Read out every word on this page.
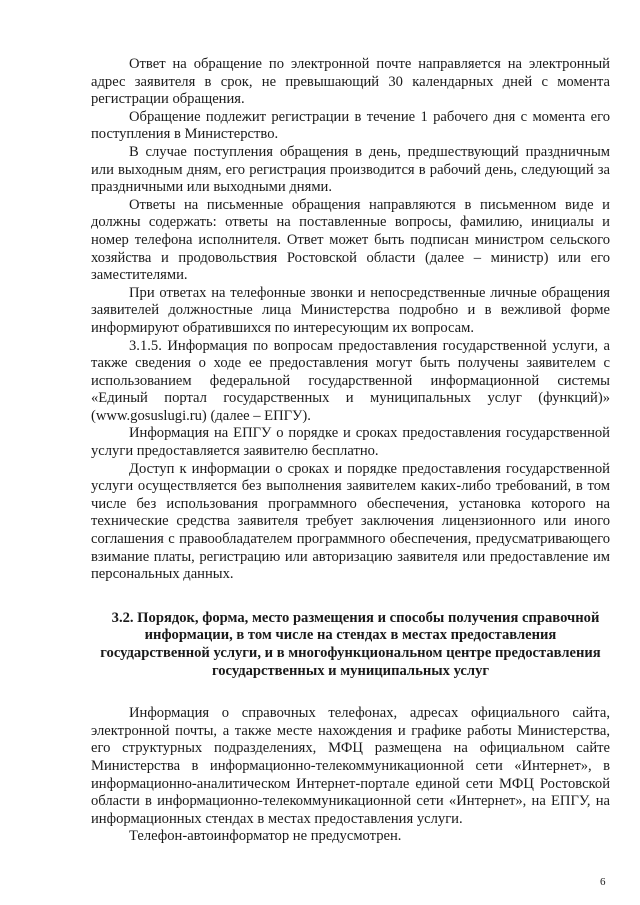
Ответ на обращение по электронной почте направляется на электронный адрес заявителя в срок, не превышающий 30 календарных дней с момента регистрации обращения.

Обращение подлежит регистрации в течение 1 рабочего дня с момента его поступления в Министерство.

В случае поступления обращения в день, предшествующий праздничным или выходным дням, его регистрация производится в рабочий день, следующий за праздничными или выходными днями.

Ответы на письменные обращения направляются в письменном виде и должны содержать: ответы на поставленные вопросы, фамилию, инициалы и номер телефона исполнителя. Ответ может быть подписан министром сельского хозяйства и продовольствия Ростовской области (далее – министр) или его заместителями.

При ответах на телефонные звонки и непосредственные личные обращения заявителей должностные лица Министерства подробно и в вежливой форме информируют обратившихся по интересующим их вопросам.

3.1.5. Информация по вопросам предоставления государственной услуги, а также сведения о ходе ее предоставления могут быть получены заявителем с использованием федеральной государственной информационной системы «Единый портал государственных и муниципальных услуг (функций)» (www.gosuslugi.ru) (далее – ЕПГУ).

Информация на ЕПГУ о порядке и сроках предоставления государственной услуги предоставляется заявителю бесплатно.

Доступ к информации о сроках и порядке предоставления государственной услуги осуществляется без выполнения заявителем каких-либо требований, в том числе без использования программного обеспечения, установка которого на технические средства заявителя требует заключения лицензионного или иного соглашения с правообладателем программного обеспечения, предусматривающего взимание платы, регистрацию или авторизацию заявителя или предоставление им персональных данных.

3.2. Порядок, форма, место размещения и способы получения справочной информации, в том числе на стендах в местах предоставления государственной услуги, и в многофункциональном центре предоставления государственных и муниципальных услуг

Информация о справочных телефонах, адресах официального сайта, электронной почты, а также месте нахождения и графике работы Министерства, его структурных подразделениях, МФЦ размещена на официальном сайте Министерства в информационно-телекоммуникационной сети «Интернет», в информационно-аналитическом Интернет-портале единой сети МФЦ Ростовской области в информационно-телекоммуникационной сети «Интернет», на ЕПГУ, на информационных стендах в местах предоставления услуги.

Телефон-автоинформатор не предусмотрен.

6
